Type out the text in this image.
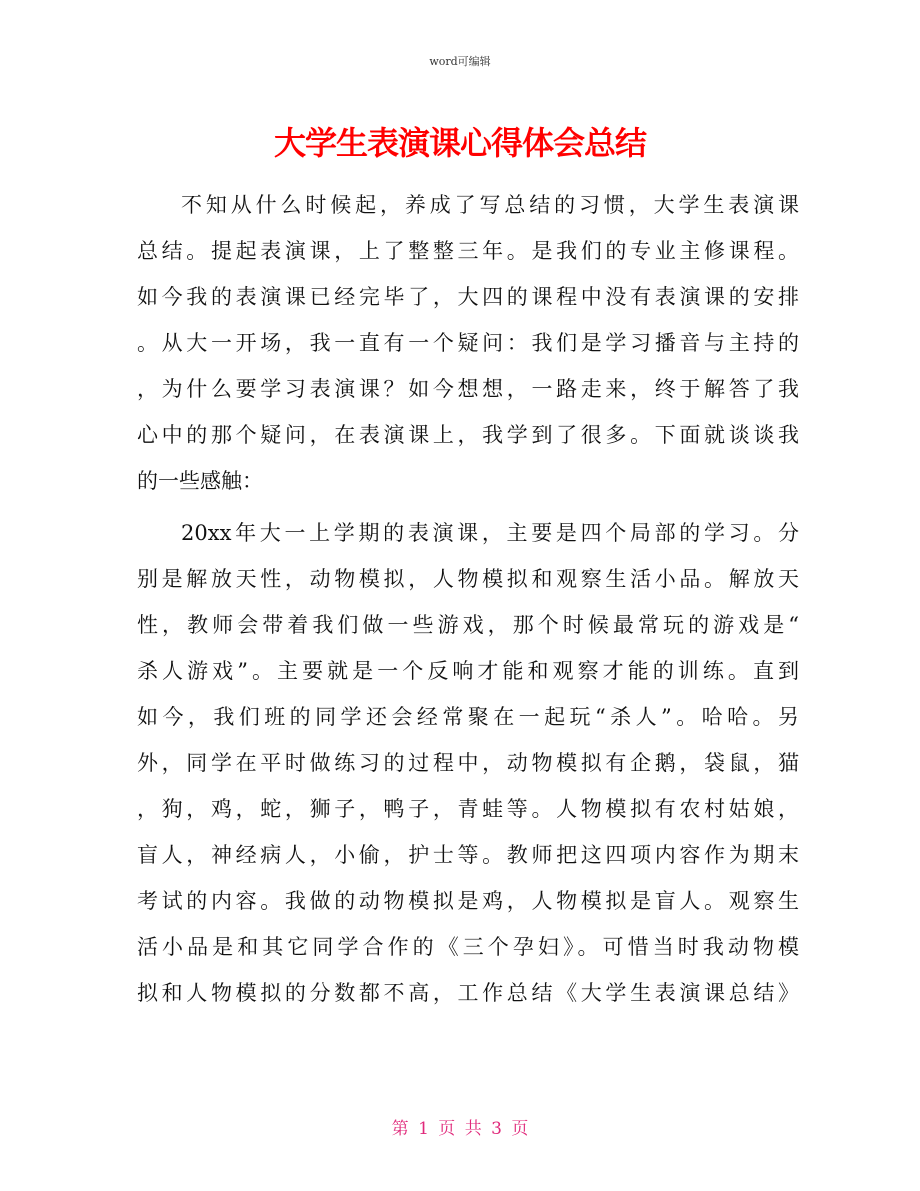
word可编辑
大学生表演课心得体会总结
不知从什么时候起，养成了写总结的习惯，大学生表演课
总结。提起表演课，上了整整三年。是我们的专业主修课程。
如今我的表演课已经完毕了，大四的课程中没有表演课的安排
。从大一开场，我一直有一个疑问：我们是学习播音与主持的
，为什么要学习表演课？如今想想，一路走来，终于解答了我
心中的那个疑问，在表演课上，我学到了很多。下面就谈谈我
的一些感触：
20xx年大一上学期的表演课，主要是四个局部的学习。分
别是解放天性，动物模拟，人物模拟和观察生活小品。解放天
性，教师会带着我们做一些游戏，那个时候最常玩的游戏是“
杀人游戏”。主要就是一个反响才能和观察才能的训练。直到
如今，我们班的同学还会经常聚在一起玩“杀人”。哈哈。另
外，同学在平时做练习的过程中，动物模拟有企鹅，袋鼠，猫
，狗，鸡，蛇，狮子，鸭子，青蛙等。人物模拟有农村姑娘，
盲人，神经病人，小偷，护士等。教师把这四项内容作为期末
考试的内容。我做的动物模拟是鸡，人物模拟是盲人。观察生
活小品是和其它同学合作的《三个孕妇》。可惜当时我动物模
拟和人物模拟的分数都不高，工作总结《大学生表演课总结》
第 1 页 共 3 页
